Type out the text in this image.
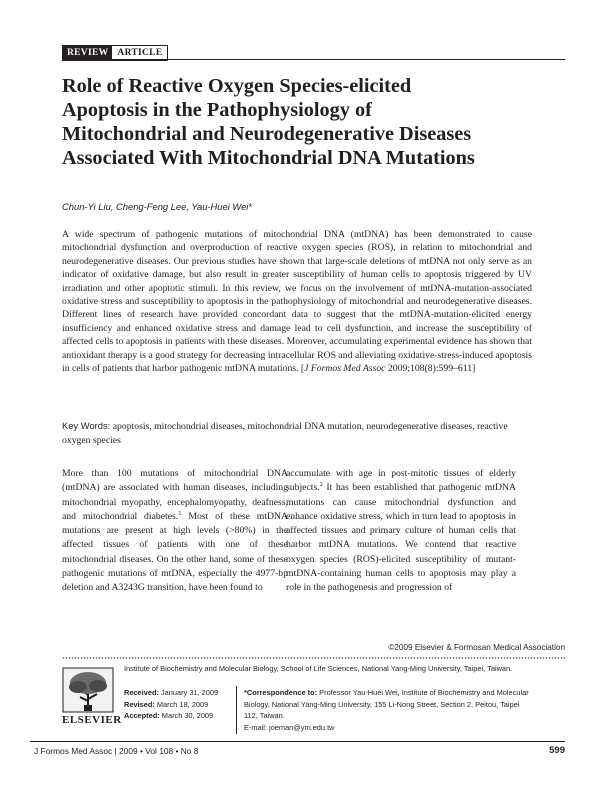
REVIEW ARTICLE
Role of Reactive Oxygen Species-elicited Apoptosis in the Pathophysiology of Mitochondrial and Neurodegenerative Diseases Associated With Mitochondrial DNA Mutations
Chun-Yi Liu, Cheng-Feng Lee, Yau-Huei Wei*

A wide spectrum of pathogenic mutations of mitochondrial DNA (mtDNA) has been demonstrated to cause mitochondrial dysfunction and overproduction of reactive oxygen species (ROS), in relation to mitochondrial and neurodegenerative diseases. Our previous studies have shown that large-scale deletions of mtDNA not only serve as an indicator of oxidative damage, but also result in greater susceptibility of human cells to apoptosis triggered by UV irradiation and other apoptotic stimuli. In this review, we focus on the involvement of mtDNA-mutation-associated oxidative stress and susceptibility to apoptosis in the pathophysiology of mitochondrial and neurodegenerative diseases. Different lines of research have provided concordant data to suggest that the mtDNA-mutation-elicited energy insufficiency and enhanced oxidative stress and damage lead to cell dysfunction, and increase the susceptibility of affected cells to apoptosis in patients with these diseases. Moreover, accumulating experimental evidence has shown that antioxidant therapy is a good strategy for decreasing intracellular ROS and alleviating oxidative-stress-induced apoptosis in cells of patients that harbor pathogenic mtDNA mutations. [J Formos Med Assoc 2009;108(8):599–611]

Key Words: apoptosis, mitochondrial diseases, mitochondrial DNA mutation, neurodegenerative diseases, reactive oxygen species

More than 100 mutations of mitochondrial DNA (mtDNA) are associated with human diseases, including mitochondrial myopathy, encephalomyopathy, deafness, and mitochondrial diabetes.$^1$ Most of these mtDNA mutations are present at high levels (>80%) in the affected tissues of patients with one of these mitochondrial diseases. On the other hand, some of these pathogenic mutations of mtDNA, especially the 4977-bp deletion and A3243G transition, have been found to

accumulate with age in post-mitotic tissues of elderly subjects.$^2$ It has been established that pathogenic mtDNA mutations can cause mitochondrial dysfunction and enhance oxidative stress, which in turn lead to apoptosis in affected tissues and primary culture of human cells that harbor mtDNA mutations. We contend that reactive oxygen species (ROS)-elicited susceptibility of mutant-mtDNA-containing human cells to apoptosis may play a role in the pathogenesis and progression of

©2009 Elsevier & Formosan Medical Association
ELSEVIER
Institute of Biochemistry and Molecular Biology, School of Life Sciences, National Yang-Ming University, Taipei, Taiwan.
Received: January 31, 2009
Revised: March 18, 2009
Accepted: March 30, 2009
*Correspondence to: Professor Yau-Huei Wei, Institute of Biochemistry and Molecular Biology, National Yang-Ming University, 155 Li-Nong Street, Section 2, Peitou, Taipei 112, Taiwan.
E-mail: joeman@ym.edu.tw
J Formos Med Assoc | 2009 • Vol 108 • No 8	599
